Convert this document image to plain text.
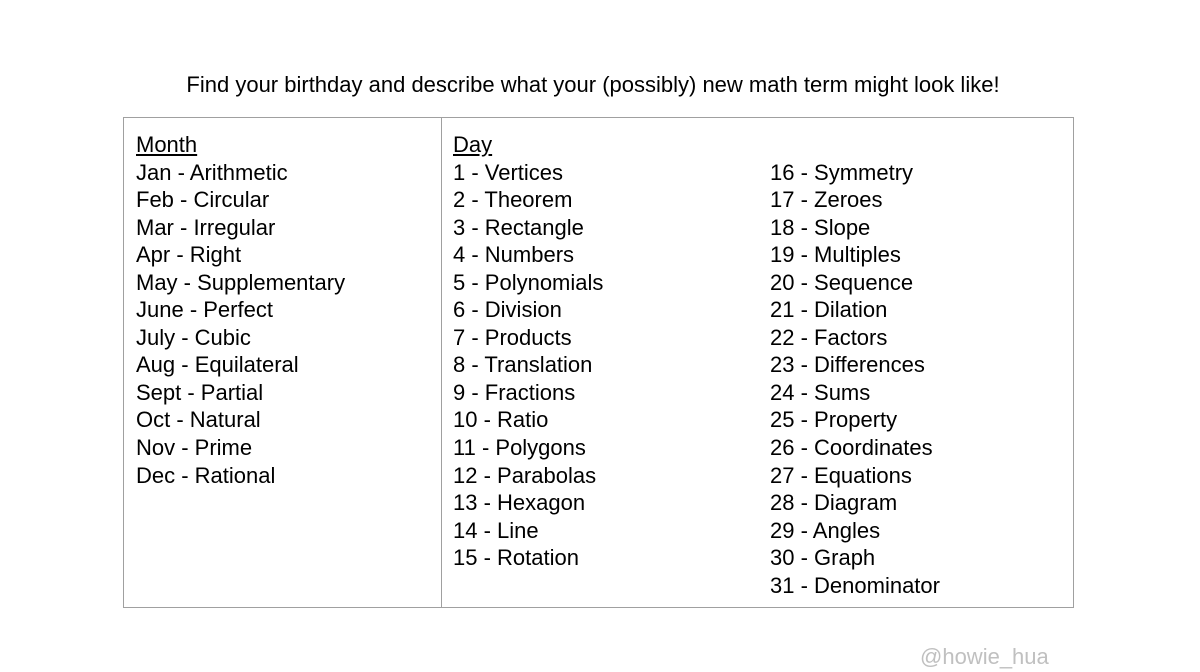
Find your birthday and describe what your (possibly) new math term might look like!
Month
Jan - Arithmetic
Feb - Circular
Mar - Irregular
Apr - Right
May - Supplementary
June - Perfect
July - Cubic
Aug - Equilateral
Sept - Partial
Oct - Natural
Nov - Prime
Dec - Rational
Day
1 - Vertices
2 - Theorem
3 - Rectangle
4 - Numbers
5 - Polynomials
6 - Division
7 - Products
8 - Translation
9 - Fractions
10 - Ratio
11 - Polygons
12 - Parabolas
13 - Hexagon
14 - Line
15 - Rotation
16 - Symmetry
17 - Zeroes
18 - Slope
19 - Multiples
20 - Sequence
21 - Dilation
22 - Factors
23 - Differences
24 - Sums
25 - Property
26 - Coordinates
27 - Equations
28 - Diagram
29 - Angles
30 - Graph
31 - Denominator
@howie_hua
